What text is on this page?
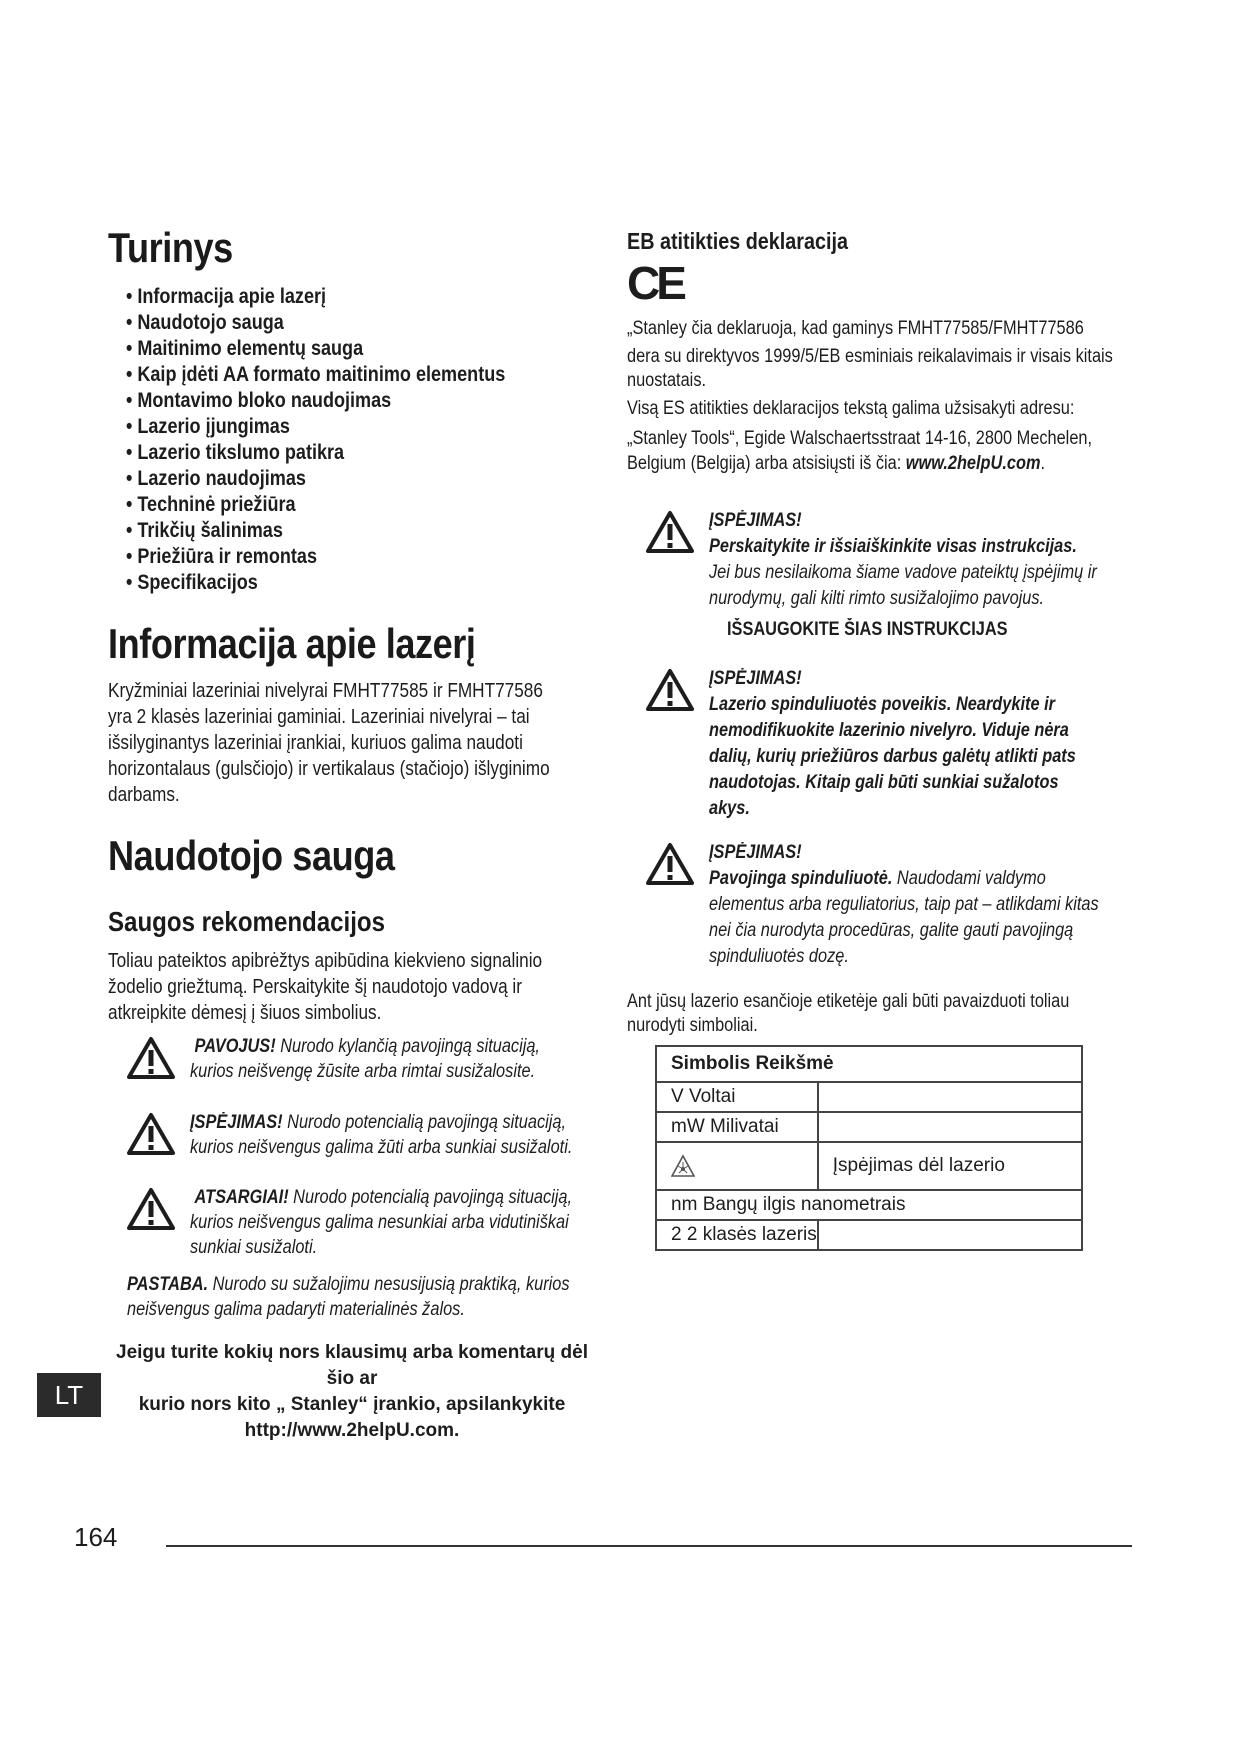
Turinys
• Informacija apie lazerį
• Naudotojo sauga
• Maitinimo elementų sauga
• Kaip įdėti AA formato maitinimo elementus
• Montavimo bloko naudojimas
• Lazerio įjungimas
• Lazerio tikslumo patikra
• Lazerio naudojimas
• Techninė priežiūra
• Trikčių šalinimas
• Priežiūra ir remontas
• Specifikacijos
Informacija apie lazerį
Kryžminiai lazeriniai nivelyrai FMHT77585 ir FMHT77586
yra 2 klasės lazeriniai gaminiai. Lazeriniai nivelyrai – tai
išsilyginantys lazeriniai įrankiai, kuriuos galima naudoti
horizontalaus (gulsčiojo) ir vertikalaus (stačiojo) išlyginimo
darbams.
Naudotojo sauga
Saugos rekomendacijos
Toliau pateiktos apibrėžtys apibūdina kiekvieno signalinio
žodelio griežtumą. Perskaitykite šį naudotojo vadovą ir
atkreipkite dėmesį į šiuos simbolius.
PAVOJUS! Nurodo kylančią pavojingą situaciją,
kurios neišvengę žūsite arba rimtai susižalosite.
ĮSPĖJIMAS! Nurodo potencialią pavojingą situaciją,
kurios neišvengus galima žūti arba sunkiai susižaloti.
ATSARGIAI! Nurodo potencialią pavojingą situaciją,
kurios neišvengus galima nesunkiai arba vidutiniškai
sunkiai susižaloti.
PASTABA. Nurodo su sužalojimu nesusijusią praktiką, kurios
neišvengus galima padaryti materialinės žalos.
LT
Jeigu turite kokių nors klausimų arba komentarų dėl šio ar
kurio nors kito „ Stanley“ įrankio, apsilankykite
http://www.2helpU.com.
164
EB atitikties deklaracija
CE
„Stanley čia deklaruoja, kad gaminys FMHT77585/FMHT77586
dera su direktyvos 1999/5/EB esminiais reikalavimais ir visais kitais
nuostatais.
Visą ES atitikties deklaracijos tekstą galima užsisakyti adresu:
„Stanley Tools“, Egide Walschaertsstraat 14-16, 2800 Mechelen,
Belgium (Belgija) arba atsisiųsti iš čia: www.2helpU.com.
ĮSPĖJIMAS!
Perskaitykite ir išsiaiškinkite visas instrukcijas.
Jei bus nesilaikoma šiame vadove pateiktų įspėjimų ir
nurodymų, gali kilti rimto susižalojimo pavojus.
IŠSAUGOKITE ŠIAS INSTRUKCIJAS
ĮSPĖJIMAS!
Lazerio spinduliuotės poveikis. Neardykite ir
nemodifikuokite lazerinio nivelyro. Viduje nėra
dalių, kurių priežiūros darbus galėtų atlikti pats
naudotojas. Kitaip gali būti sunkiai sužalotos
akys.
ĮSPĖJIMAS!
Pavojinga spinduliuotė. Naudodami valdymo
elementus arba reguliatorius, taip pat – atlikdami kitas
nei čia nurodyta procedūras, galite gauti pavojingą
spinduliuotės dozę.
Ant jūsų lazerio esančioje etiketėje gali būti pavaizduoti toliau
nurodyti simboliai.
Simbolis Reikšmė	
V Voltai	
mW Milivatai	
	Įspėjimas dėl lazerio
nm Bangų ilgis nanometrais	
2 2 klasės lazeris	
